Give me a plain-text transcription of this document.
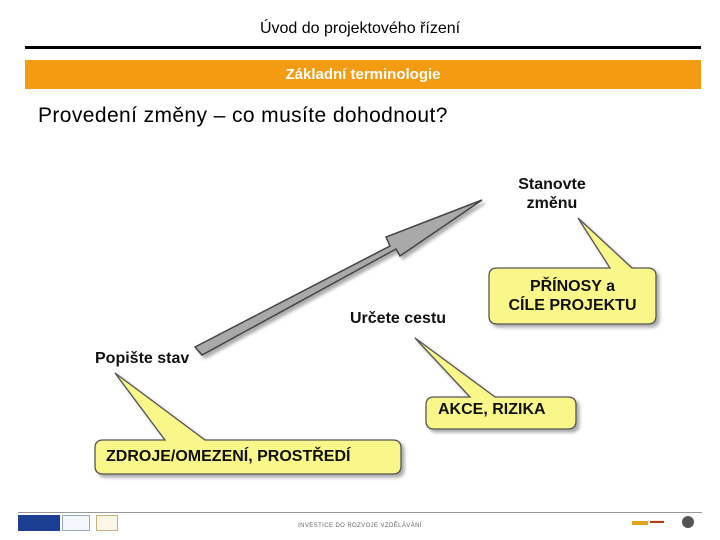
Úvod do projektového řízení
Základní terminologie
Provedení změny – co musíte dohodnout?
Stanovte
změnu
Určete cestu
Popište stav
PŘÍNOSY a
CÍLE PROJEKTU
AKCE, RIZIKA
ZDROJE/OMEZENÍ, PROSTŘEDÍ
INVESTICE DO ROZVOJE VZDĚLÁVÁNÍ
▬▬
